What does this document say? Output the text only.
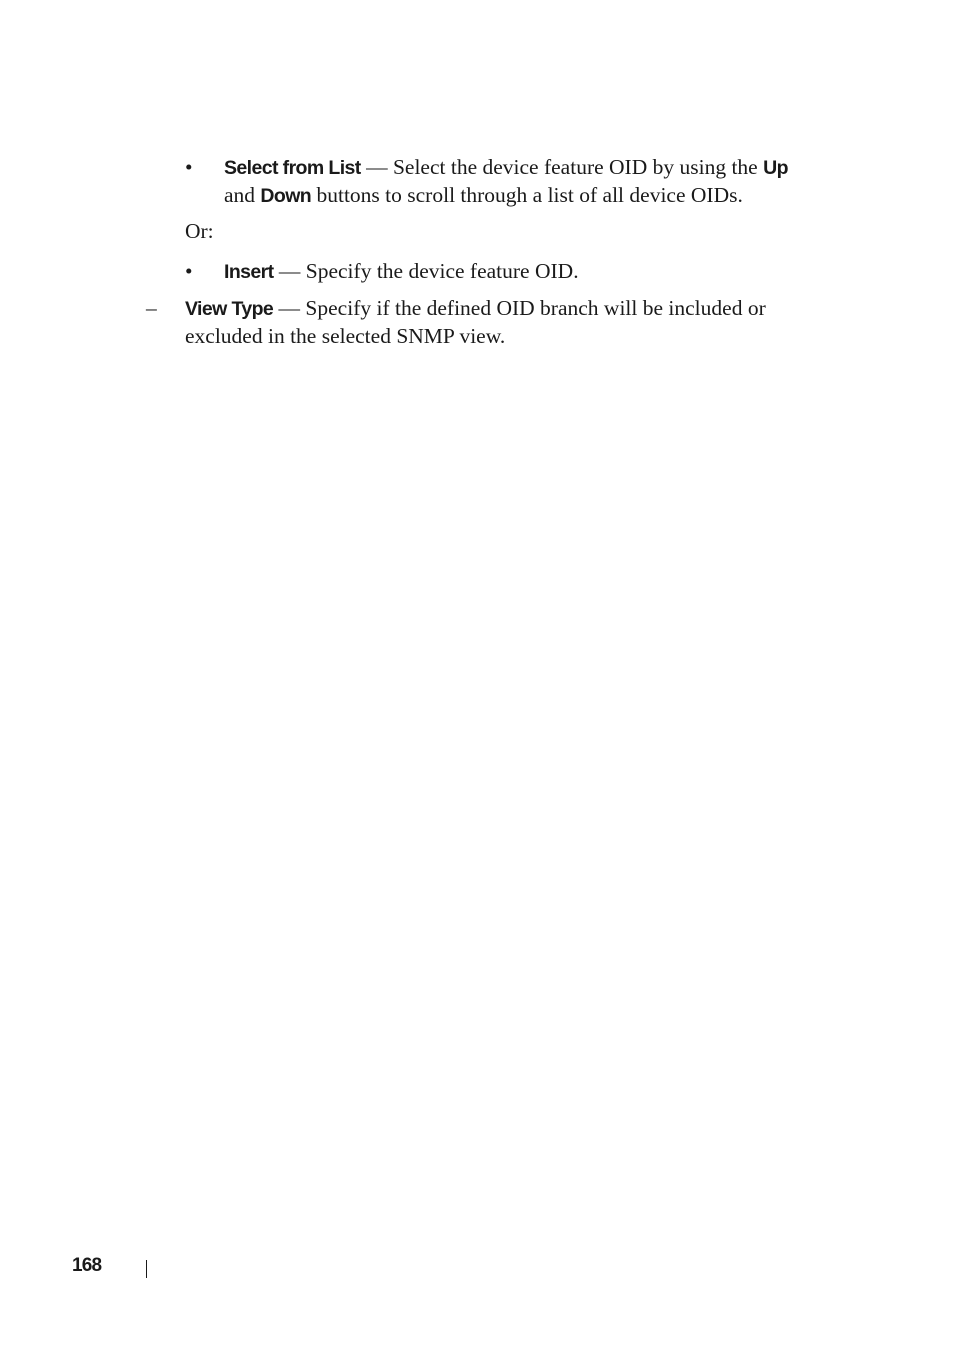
• Select from List — Select the device feature OID by using the Up
and Down buttons to scroll through a list of all device OIDs.
Or:
• Insert — Specify the device feature OID.
– View Type — Specify if the defined OID branch will be included or
excluded in the selected SNMP view.
168
